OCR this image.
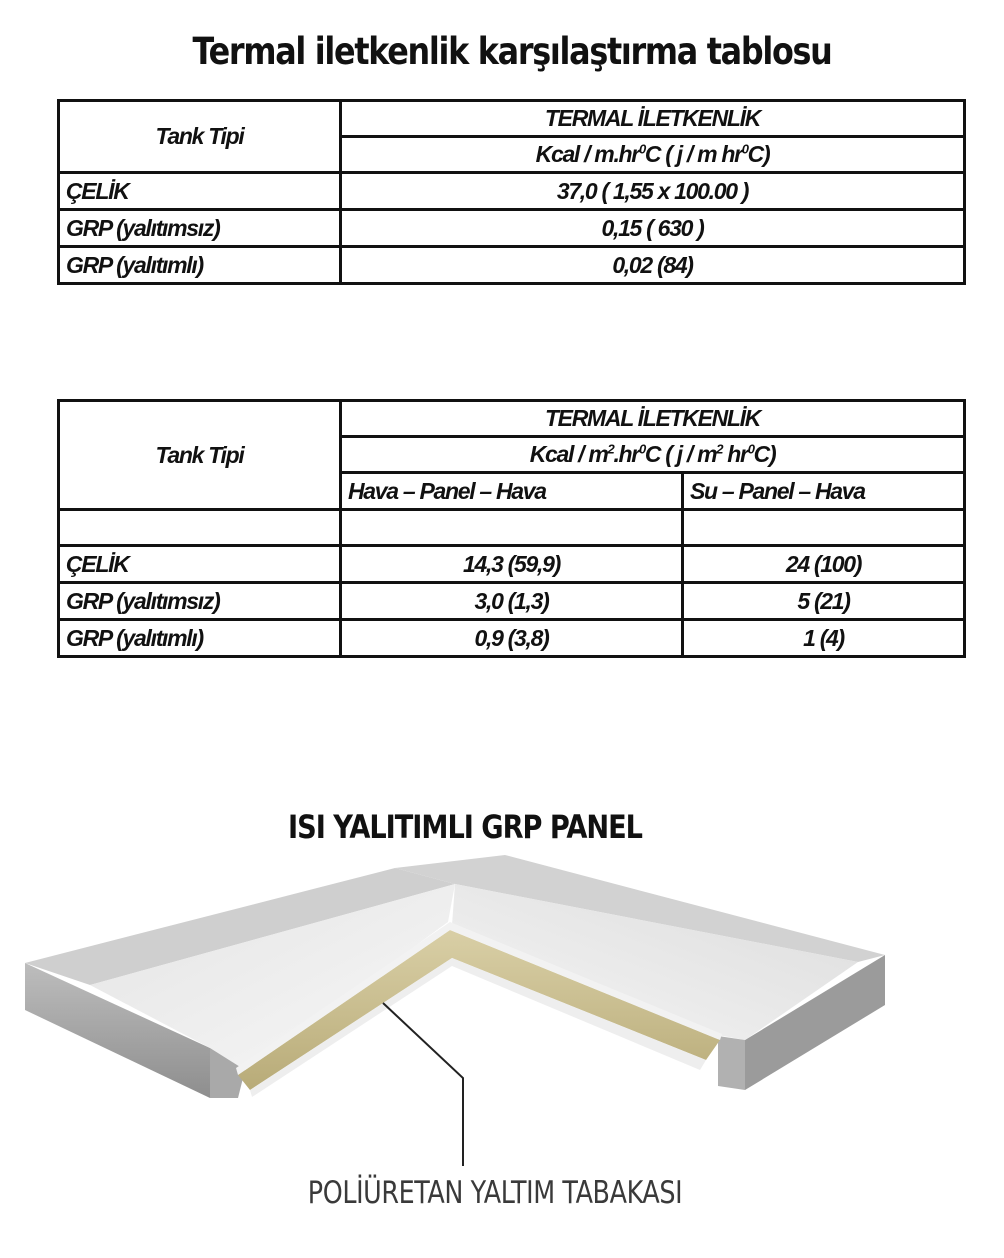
Termal iletkenlik karşılaştırma tablosu
Tank Tipi	TERMAL İLETKENLİK
	Kcal / $m.hr^0C$ ( j / m $hr^0C$)
ÇELİK	37,0 ( 1,55 x 100.00 )
GRP (yalıtımsız)	0,15 ( 630 )
GRP (yalıtımlı)	0,02 (84)
Tank Tipi	TERMAL İLETKENLİK	
	Kcal / $m^2.hr^0C$ ( j / $m^2$ $hr^0C$)	
	Hava – Panel – Hava	Su – Panel – Hava

ÇELİK	14,3 (59,9)	24 (100)
GRP (yalıtımsız)	3,0 (1,3)	5 (21)
GRP (yalıtımlı)	0,9 (3,8)	1 (4)
ISI YALITIMLI GRP PANEL
POLİÜRETAN YALTIM TABAKASI
